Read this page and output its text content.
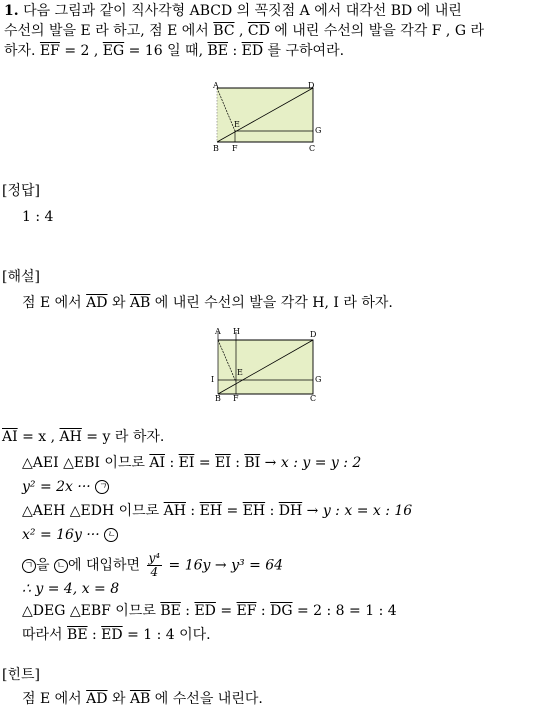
1. 다음 그림과 같이 직사각형 ABCD 의 꼭짓점 A 에서 대각선 BD 에 내린
수선의 발을 E 라 하고, 점 E 에서 $\overline{BC}$ , $\overline{CD}$ 에 내린 수선의 발을 각각 F , G 라
하자. $\overline{EF} = 2$ , $\overline{EG} = 16$ 일 때, $\overline{BE}$ : $\overline{ED}$ 를 구하여라.
A	D
E
G
B F	C
[정답]
1 : 4
[해설]
점 E 에서 $\overline{AD}$ 와 $\overline{AB}$ 에 내린 수선의 발을 각각 H, I 라 하자.
A H	D
I
E
G
B F	C
$\overline{AI} = x$ , $\overline{AH} = y$ 라 하자.
△AEI △EBI 이므로 $\overline{AI}$ : $\overline{EI} = \overline{EI}$ : $\overline{BI} \to x$ : y = y : 2
y² = 2x ··· ㄱ
△AEH △EDH 이므로 $\overline{AH}$ : $\overline{EH} = \overline{EH}$ : $\overline{DH} \to y$ : x = x : 16
x² = 16y ··· ㄴ
ㄱ 을 ㄴ 에 대입하면 $\frac{\text{y⁴}}{4} = 16y \to y^3 = 64$
∴ y = 4, x = 8
△DEG △EBF 이므로 $\overline{BE}$ : $\overline{ED} = \overline{EF}$ : $\overline{DG} = 2$ : 8 = 1 : 4
따라서 $\overline{BE}$ : $\overline{ED} = 1$ : 4 이다.
[힌트]
점 E 에서 $\overline{AD}$ 와 $\overline{AB}$ 에 수선을 내린다.
